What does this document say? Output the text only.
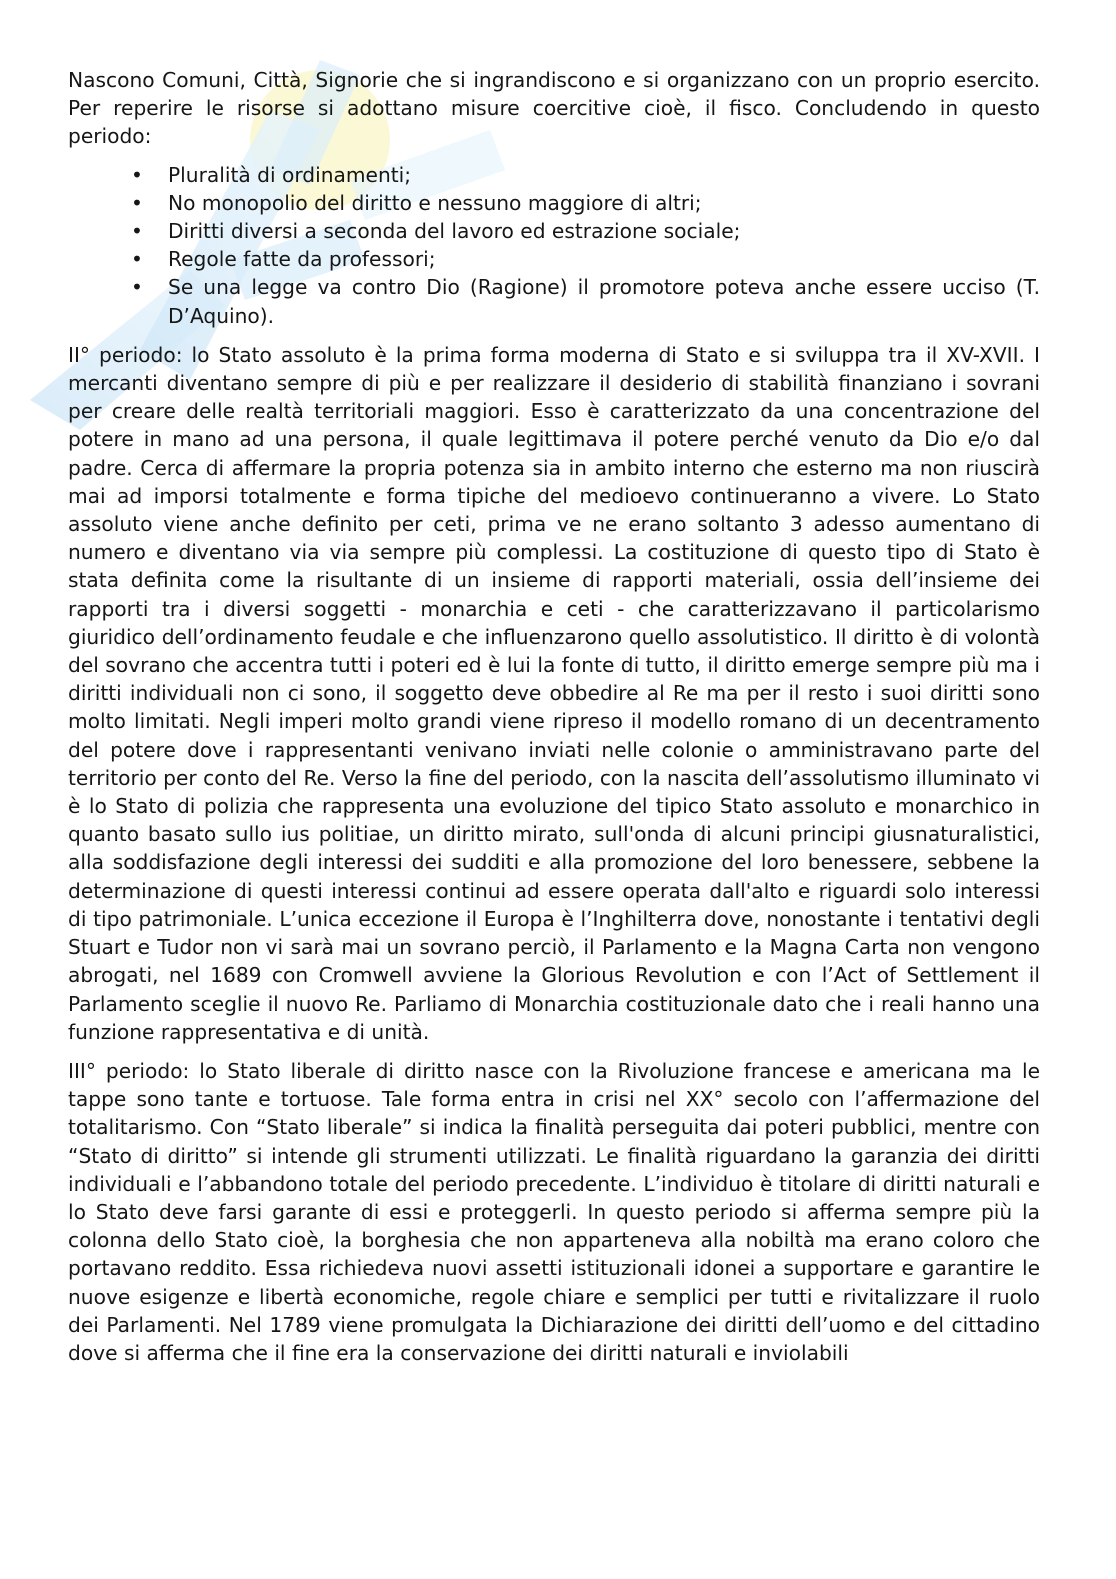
Nascono Comuni, Città, Signorie che si ingrandiscono e si organizzano con un proprio esercito. Per reperire le risorse si adottano misure coercitive cioè, il fisco. Concludendo in questo periodo:

• Pluralità di ordinamenti;
• No monopolio del diritto e nessuno maggiore di altri;
• Diritti diversi a seconda del lavoro ed estrazione sociale;
• Regole fatte da professori;
• Se una legge va contro Dio (Ragione) il promotore poteva anche essere ucciso (T. D’Aquino).

II° periodo: lo Stato assoluto è la prima forma moderna di Stato e si sviluppa tra il XV-XVII. I mercanti diventano sempre di più e per realizzare il desiderio di stabilità finanziano i sovrani per creare delle realtà territoriali maggiori. Esso è caratterizzato da una concentrazione del potere in mano ad una persona, il quale legittimava il potere perché venuto da Dio e/o dal padre. Cerca di affermare la propria potenza sia in ambito interno che esterno ma non riuscirà mai ad imporsi totalmente e forma tipiche del medioevo continueranno a vivere. Lo Stato assoluto viene anche definito per ceti, prima ve ne erano soltanto 3 adesso aumentano di numero e diventano via via sempre più complessi. La costituzione di questo tipo di Stato è stata definita come la risultante di un insieme di rapporti materiali, ossia dell’insieme dei rapporti tra i diversi soggetti - monarchia e ceti - che caratterizzavano il particolarismo giuridico dell’ordinamento feudale e che influenzarono quello assolutistico. Il diritto è di volontà del sovrano che accentra tutti i poteri ed è lui la fonte di tutto, il diritto emerge sempre più ma i diritti individuali non ci sono, il soggetto deve obbedire al Re ma per il resto i suoi diritti sono molto limitati. Negli imperi molto grandi viene ripreso il modello romano di un decentramento del potere dove i rappresentanti venivano inviati nelle colonie o amministravano parte del territorio per conto del Re. Verso la fine del periodo, con la nascita dell’assolutismo illuminato vi è lo Stato di polizia che rappresenta una evoluzione del tipico Stato assoluto e monarchico in quanto basato sullo ius politiae, un diritto mirato, sull'onda di alcuni principi giusnaturalistici, alla soddisfazione degli interessi dei sudditi e alla promozione del loro benessere, sebbene la determinazione di questi interessi continui ad essere operata dall'alto e riguardi solo interessi di tipo patrimoniale. L’unica eccezione il Europa è l’Inghilterra dove, nonostante i tentativi degli Stuart e Tudor non vi sarà mai un sovrano perciò, il Parlamento e la Magna Carta non vengono abrogati, nel 1689 con Cromwell avviene la Glorious Revolution e con l’Act of Settlement il Parlamento sceglie il nuovo Re. Parliamo di Monarchia costituzionale dato che i reali hanno una funzione rappresentativa e di unità.

III° periodo: lo Stato liberale di diritto nasce con la Rivoluzione francese e americana ma le tappe sono tante e tortuose. Tale forma entra in crisi nel XX° secolo con l’affermazione del totalitarismo. Con “Stato liberale” si indica la finalità perseguita dai poteri pubblici, mentre con “Stato di diritto” si intende gli strumenti utilizzati. Le finalità riguardano la garanzia dei diritti individuali e l’abbandono totale del periodo precedente. L’individuo è titolare di diritti naturali e lo Stato deve farsi garante di essi e proteggerli. In questo periodo si afferma sempre più la colonna dello Stato cioè, la borghesia che non apparteneva alla nobiltà ma erano coloro che portavano reddito. Essa richiedeva nuovi assetti istituzionali idonei a supportare e garantire le nuove esigenze e libertà economiche, regole chiare e semplici per tutti e rivitalizzare il ruolo dei Parlamenti. Nel 1789 viene promulgata la Dichiarazione dei diritti dell’uomo e del cittadino dove si afferma che il fine era la conservazione dei diritti naturali e inviolabili
